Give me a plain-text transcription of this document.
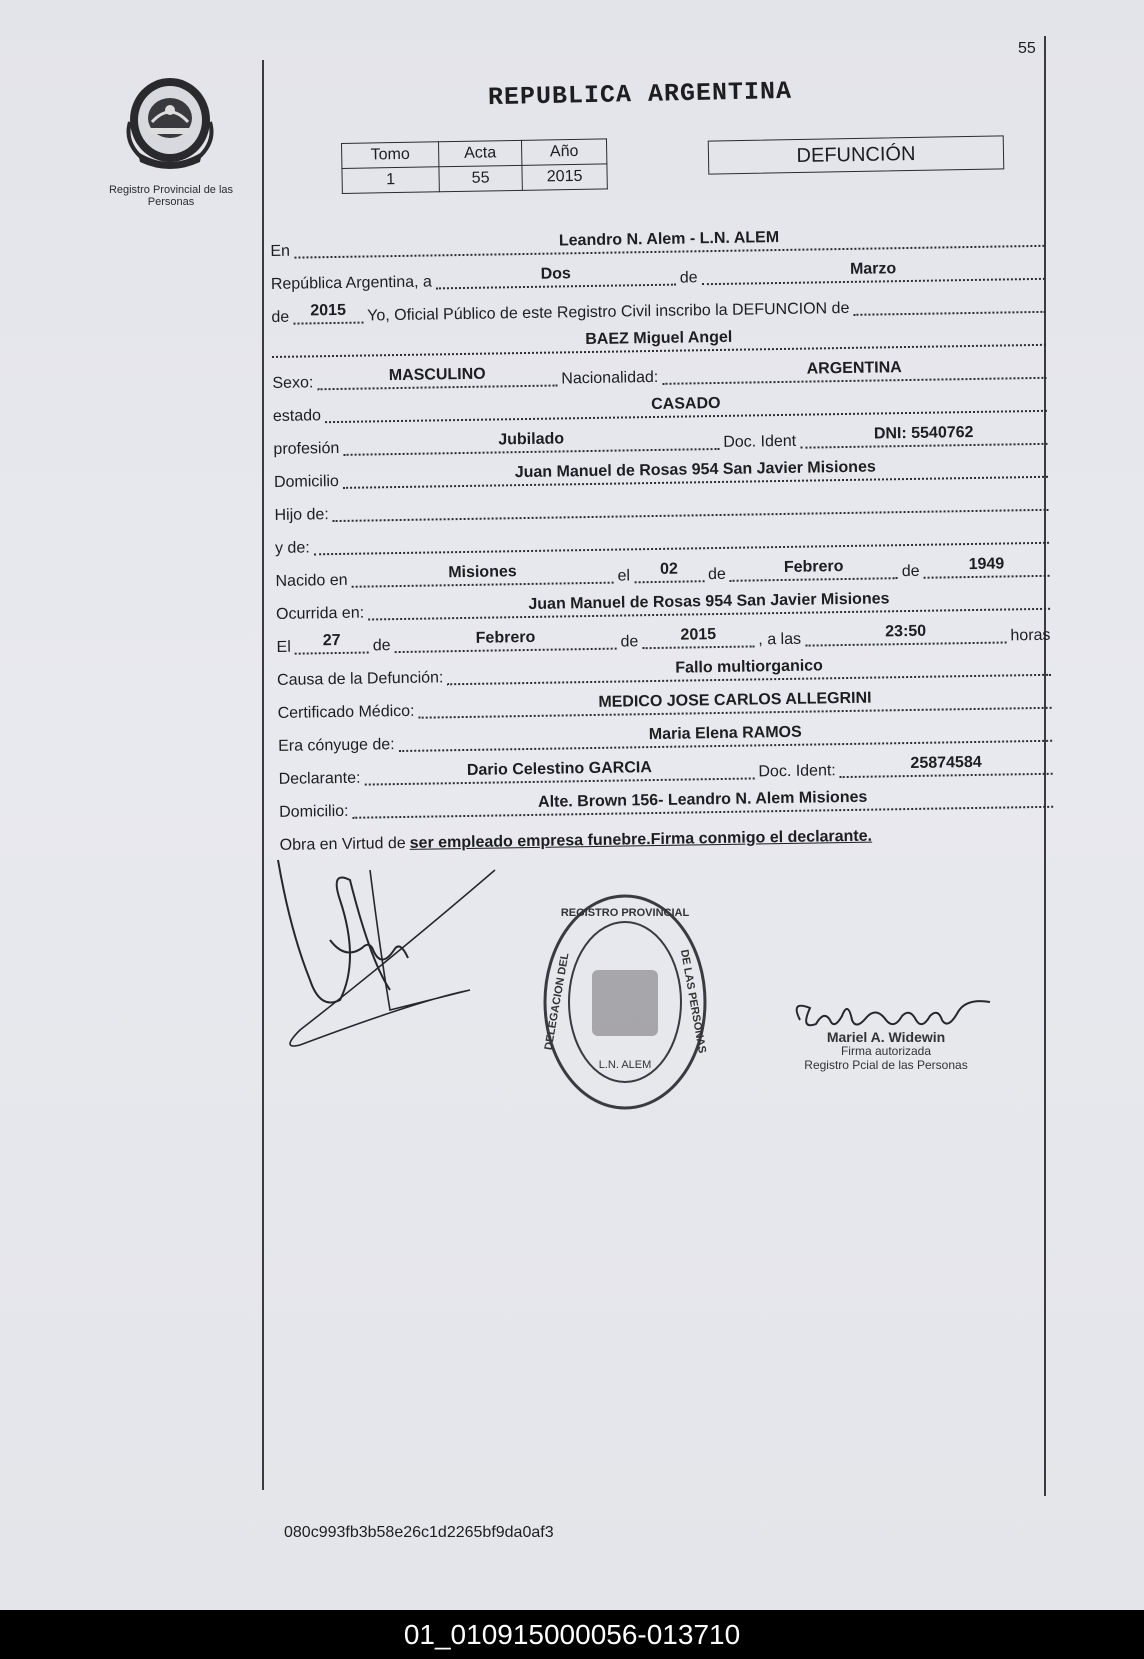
Registro Provincial de las Personas
55
REPUBLICA ARGENTINA
Tomo	Acta	Año
1	55	2015
DEFUNCIÓN
En
Leandro N. Alem - L.N. ALEM
República Argentina, a	Dos	de
Marzo
de	2015	Yo, Oficial Público de este Registro Civil inscribo la DEFUNCION de
BAEZ Miguel Angel
Sexo:	MASCULINO	Nacionalidad:
ARGENTINA
estado
CASADO
profesión
Jubilado	Doc. Ident	DNI: 5540762
Domicilio
Juan Manuel de Rosas 954 San Javier Misiones
Hijo de:
y de:
Nacido en	Misiones	el	02	de	Febrero	de	1949
Ocurrida en:
Juan Manuel de Rosas 954 San Javier Misiones
El	27	de	Febrero	de	2015	, a las	23:50	horas
Causa de la Defunción:
Fallo multiorganico
Certificado Médico:
MEDICO JOSE CARLOS ALLEGRINI
Era cónyuge de:
Maria Elena RAMOS
Declarante:	Dario Celestino GARCIA	Doc. Ident:	25874584
Domicilio:
Alte. Brown 156- Leandro N. Alem Misiones
Obra en Virtud de ser empleado empresa funebre.Firma conmigo el declarante.
REGISTRO PROVINCIAL
DELEGACION DEL	DE LAS PERSONAS
L.N. ALEM
Mariel A. Widewin
Firma autorizada
Registro Pcial de las Personas
080c993fb3b58e26c1d2265bf9da0af3
01_010915000056-013710
